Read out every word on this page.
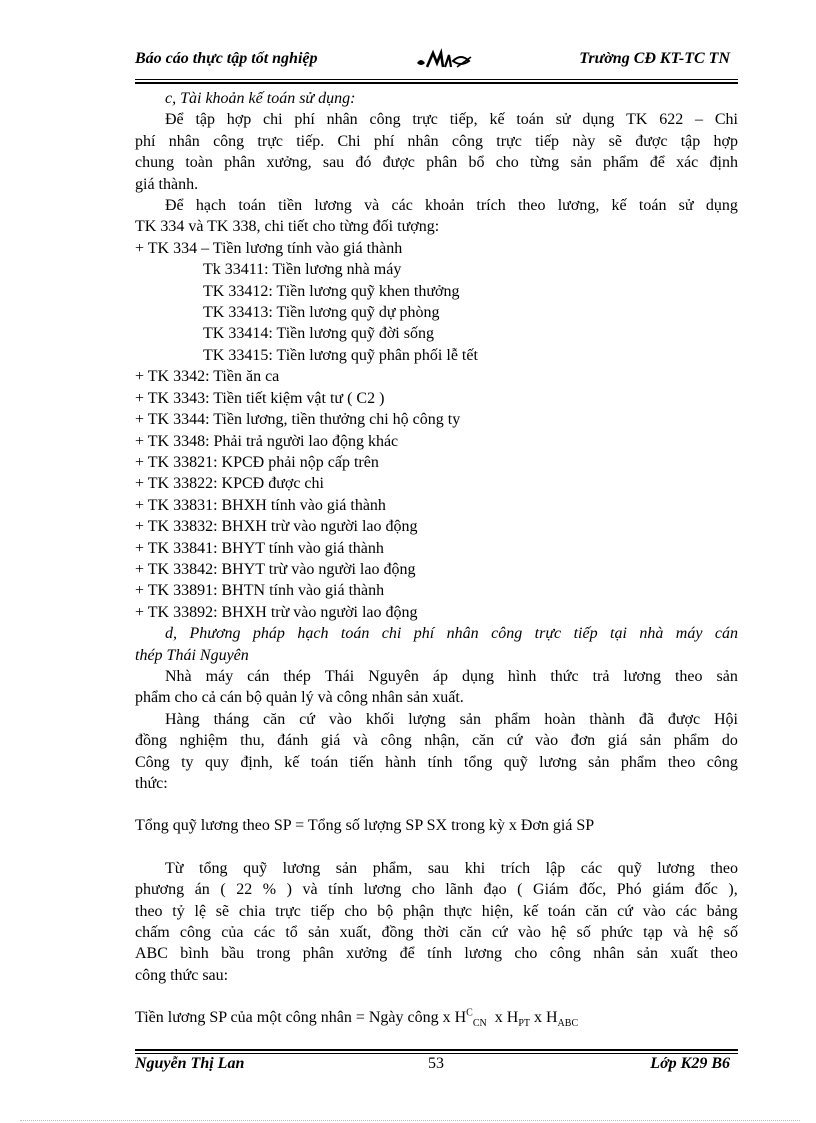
Báo cáo thực tập tốt nghiệp	Trường CĐ KT-TC TN
c, Tài khoản kế toán sử dụng:
Để tập hợp chi phí nhân công trực tiếp, kế toán sử dụng TK 622 – Chi
phí nhân công trực tiếp. Chi phí nhân công trực tiếp này sẽ được tập hợp
chung toàn phân xưởng, sau đó được phân bổ cho từng sản phẩm để xác định
giá thành.
Để hạch toán tiền lương và các khoản trích theo lương, kế toán sử dụng
TK 334 và TK 338, chi tiết cho từng đối tượng:
+ TK 334 – Tiền lương tính vào giá thành
Tk 33411: Tiền lương nhà máy
TK 33412: Tiền lương quỹ khen thưởng
TK 33413: Tiền lương quỹ dự phòng
TK 33414: Tiền lương quỹ đời sống
TK 33415: Tiền lương quỹ phân phối lễ tết
+ TK 3342: Tiền ăn ca
+ TK 3343: Tiền tiết kiệm vật tư ( C2 )
+ TK 3344: Tiền lương, tiền thưởng chi hộ công ty
+ TK 3348: Phải trả người lao động khác
+ TK 33821: KPCĐ phải nộp cấp trên
+ TK 33822: KPCĐ được chi
+ TK 33831: BHXH tính vào giá thành
+ TK 33832: BHXH trừ vào người lao động
+ TK 33841: BHYT tính vào giá thành
+ TK 33842: BHYT trừ vào người lao động
+ TK 33891: BHTN tính vào giá thành
+ TK 33892: BHXH trừ vào người lao động
d, Phương pháp hạch toán chi phí nhân công trực tiếp tại nhà máy cán
thép Thái Nguyên
Nhà máy cán thép Thái Nguyên áp dụng hình thức trả lương theo sản
phẩm cho cả cán bộ quản lý và công nhân sản xuất.
Hàng tháng căn cứ vào khối lượng sản phẩm hoàn thành đã được Hội
đồng nghiệm thu, đánh giá và công nhận, căn cứ vào đơn giá sản phẩm do
Công ty quy định, kế toán tiến hành tính tổng quỹ lương sản phẩm theo công
thức:
Tổng quỹ lương theo SP = Tổng số lượng SP SX trong kỳ x Đơn giá SP
Từ tổng quỹ lương sản phẩm, sau khi trích lập các quỹ lương theo
phương án ( 22 % ) và tính lương cho lãnh đạo ( Giám đốc, Phó giám đốc ),
theo tỷ lệ sẽ chia trực tiếp cho bộ phận thực hiện, kế toán căn cứ vào các bảng
chấm công của các tổ sản xuất, đồng thời căn cứ vào hệ số phức tạp và hệ số
ABC bình bầu trong phân xưởng để tính lương cho công nhân sản xuất theo
công thức sau:
Tiền lương SP của một công nhân = Ngày công x $H^C_{CN}$  x $H_{PT}$ x $H_{ABC}$
Nguyễn Thị Lan	53	Lớp K29 B6
